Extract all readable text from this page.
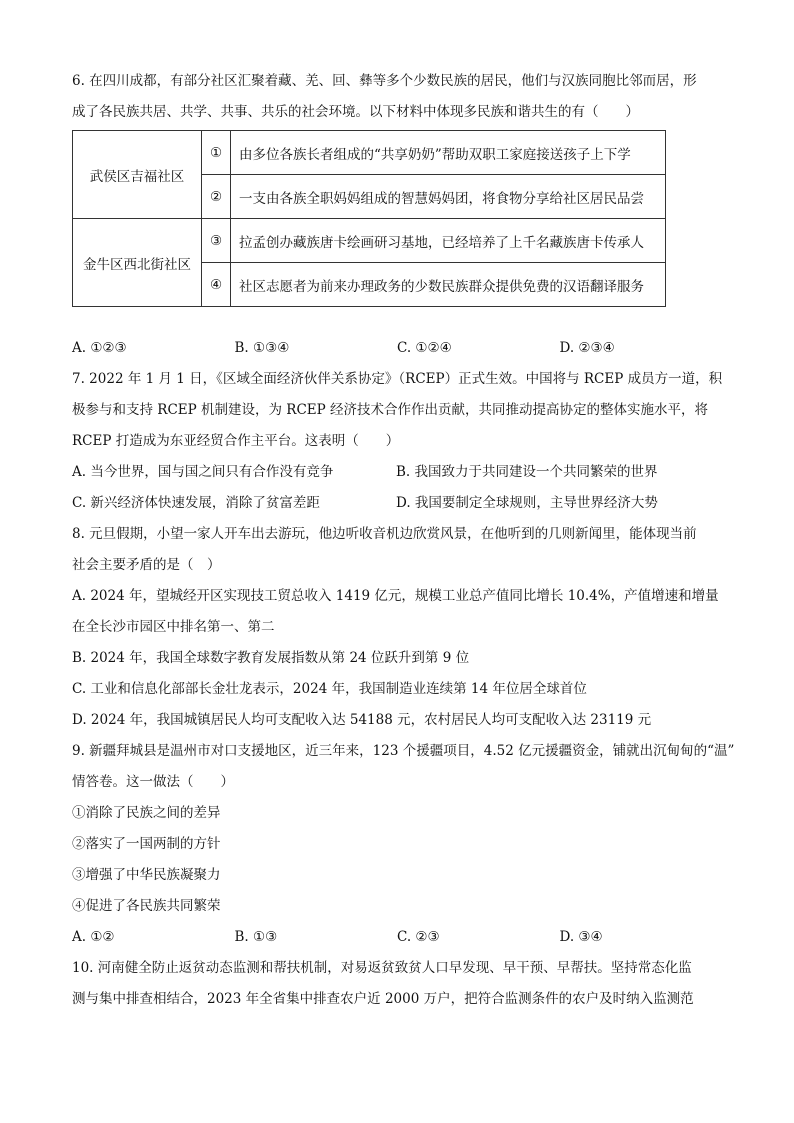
6. 在四川成都，有部分社区汇聚着藏、羌、回、彝等多个少数民族的居民，他们与汉族同胞比邻而居，形
成了各民族共居、共学、共事、共乐的社会环境。以下材料中体现多民族和谐共生的有（　　）
武侯区吉福社区	①	由多位各族长者组成的“共享奶奶”帮助双职工家庭接送孩子上下学
	②	一支由各族全职妈妈组成的智慧妈妈团，将食物分享给社区居民品尝
金牛区西北街社区	③	拉孟创办藏族唐卡绘画研习基地，已经培养了上千名藏族唐卡传承人
	④	社区志愿者为前来办理政务的少数民族群众提供免费的汉语翻译服务
A. ①②③	B. ①③④	C. ①②④	D. ②③④
7. 2022 年 1 月 1 日，《区域全面经济伙伴关系协定》（RCEP）正式生效。中国将与 RCEP 成员方一道，积
极参与和支持 RCEP 机制建设，为 RCEP 经济技术合作作出贡献，共同推动提高协定的整体实施水平，将
RCEP 打造成为东亚经贸合作主平台。这表明（　　）
A. 当今世界，国与国之间只有合作没有竞争	B. 我国致力于共同建设一个共同繁荣的世界
C. 新兴经济体快速发展，消除了贫富差距	D. 我国要制定全球规则，主导世界经济大势
8. 元旦假期，小望一家人开车出去游玩，他边听收音机边欣赏风景，在他听到的几则新闻里，能体现当前
社会主要矛盾的是（　）
A. 2024 年，望城经开区实现技工贸总收入 1419 亿元，规模工业总产值同比增长 10.4%，产值增速和增量
在全长沙市园区中排名第一、第二
B. 2024 年，我国全球数字教育发展指数从第 24 位跃升到第 9 位
C. 工业和信息化部部长金壮龙表示，2024 年，我国制造业连续第 14 年位居全球首位
D. 2024 年，我国城镇居民人均可支配收入达 54188 元，农村居民人均可支配收入达 23119 元
9. 新疆拜城县是温州市对口支援地区，近三年来，123 个援疆项目，4.52 亿元援疆资金，铺就出沉甸甸的“温”
情答卷。这一做法（　　）
①消除了民族之间的差异
②落实了一国两制的方针
③增强了中华民族凝聚力
④促进了各民族共同繁荣
A. ①②	B. ①③	C. ②③	D. ③④
10. 河南健全防止返贫动态监测和帮扶机制，对易返贫致贫人口早发现、早干预、早帮扶。坚持常态化监
测与集中排查相结合，2023 年全省集中排查农户近 2000 万户，把符合监测条件的农户及时纳入监测范
